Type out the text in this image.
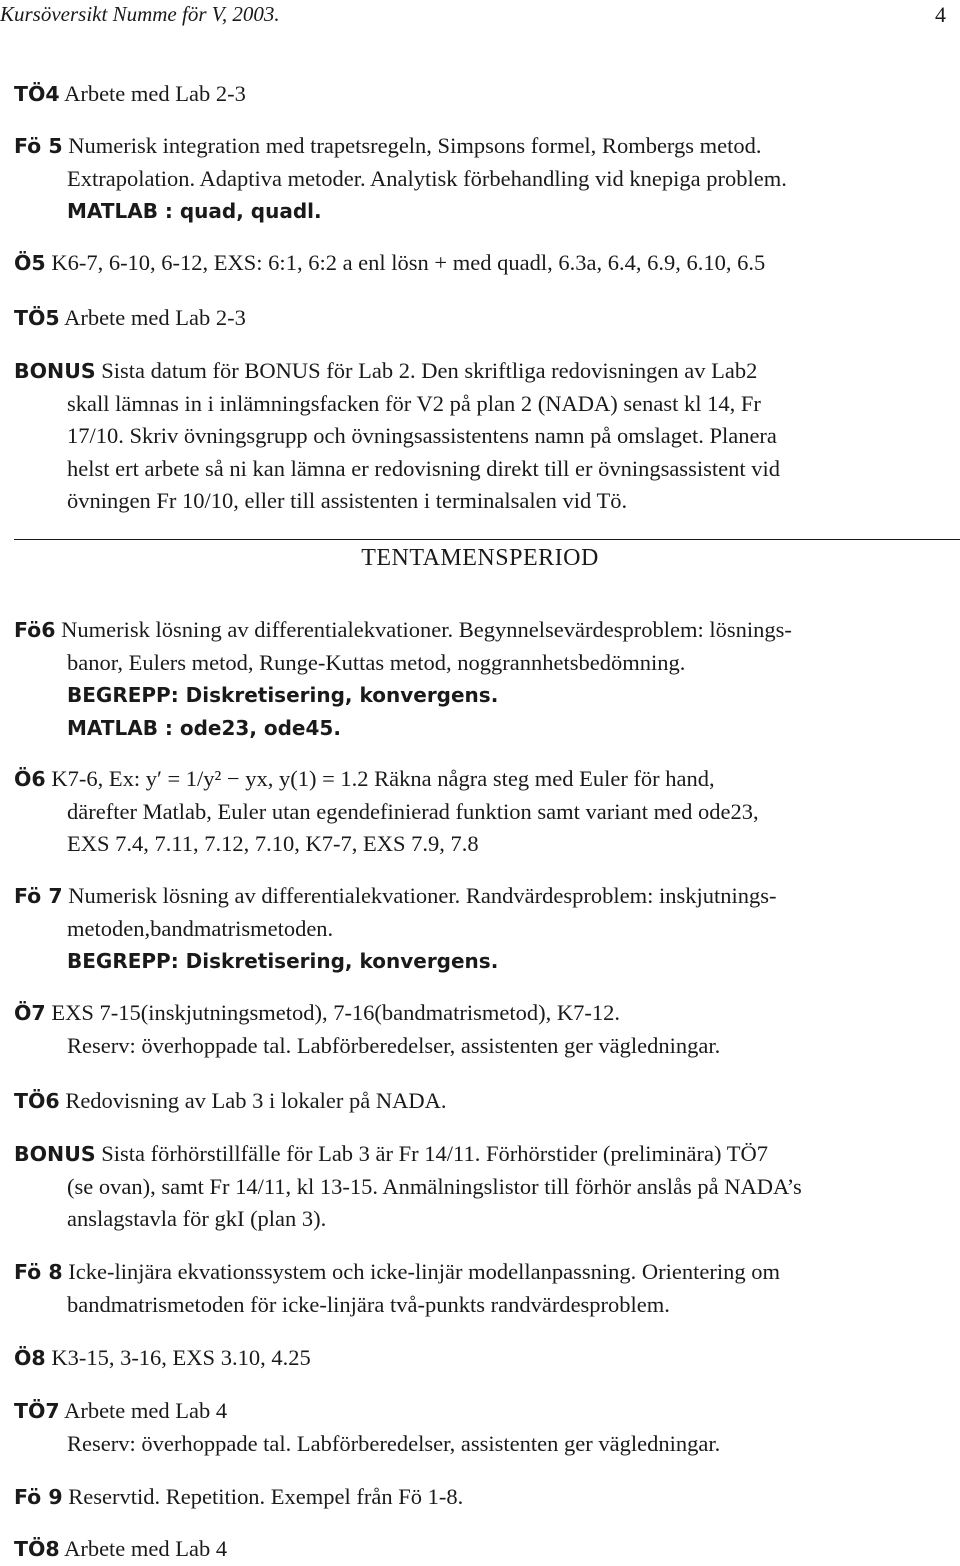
Kursöversikt Numme för V, 2003.	4
TÖ4 Arbete med Lab 2-3
Fö 5 Numerisk integration med trapetsregeln, Simpsons formel, Rombergs metod.
Extrapolation. Adaptiva metoder. Analytisk förbehandling vid knepiga problem.
MATLAB : quad, quadl.
Ö5 K6-7, 6-10, 6-12, EXS: 6:1, 6:2 a enl lösn + med quadl, 6.3a, 6.4, 6.9, 6.10, 6.5
TÖ5 Arbete med Lab 2-3
BONUS Sista datum för BONUS för Lab 2. Den skriftliga redovisningen av Lab2
skall lämnas in i inlämningsfacken för V2 på plan 2 (NADA) senast kl 14, Fr
17/10. Skriv övningsgrupp och övningsassistentens namn på omslaget. Planera
helst ert arbete så ni kan lämna er redovisning direkt till er övningsassistent vid
övningen Fr 10/10, eller till assistenten i terminalsalen vid Tö.
TENTAMENSPERIOD
Fö6 Numerisk lösning av differentialekvationer. Begynnelsevärdesproblem: lösnings-
banor, Eulers metod, Runge-Kuttas metod, noggrannhetsbedömning.
BEGREPP: Diskretisering, konvergens.
MATLAB : ode23, ode45.
Ö6 K7-6, Ex: y′ = 1/y² − yx, y(1) = 1.2 Räkna några steg med Euler för hand,
därefter Matlab, Euler utan egendefinierad funktion samt variant med ode23,
EXS 7.4, 7.11, 7.12, 7.10, K7-7, EXS 7.9, 7.8
Fö 7 Numerisk lösning av differentialekvationer. Randvärdesproblem: inskjutnings-
metoden,bandmatrismetoden.
BEGREPP: Diskretisering, konvergens.
Ö7 EXS 7-15(inskjutningsmetod), 7-16(bandmatrismetod), K7-12.
Reserv: överhoppade tal. Labförberedelser, assistenten ger vägledningar.
TÖ6 Redovisning av Lab 3 i lokaler på NADA.
BONUS Sista förhörstillfälle för Lab 3 är Fr 14/11. Förhörstider (preliminära) TÖ7
(se ovan), samt Fr 14/11, kl 13-15. Anmälningslistor till förhör anslås på NADA’s
anslagstavla för gkI (plan 3).
Fö 8 Icke-linjära ekvationssystem och icke-linjär modellanpassning. Orientering om
bandmatrismetoden för icke-linjära två-punkts randvärdesproblem.
Ö8 K3-15, 3-16, EXS 3.10, 4.25
TÖ7 Arbete med Lab 4
Reserv: överhoppade tal. Labförberedelser, assistenten ger vägledningar.
Fö 9 Reservtid. Repetition. Exempel från Fö 1-8.
TÖ8 Arbete med Lab 4
